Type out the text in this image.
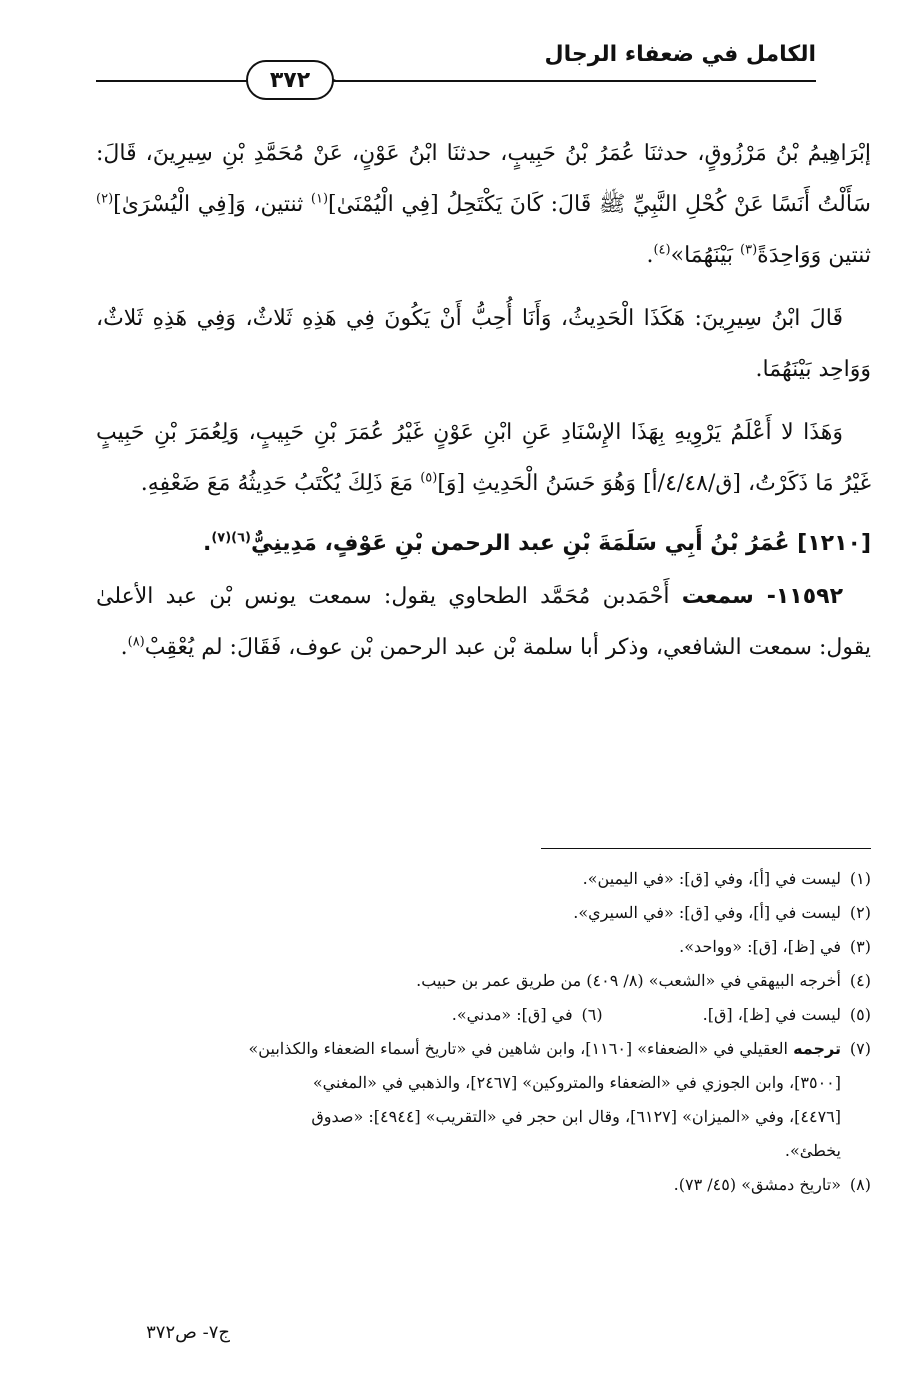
الكامل في ضعفاء الرجال
٣٧٢

إبْرَاهِيمُ بْنُ مَرْزُوقٍ، حدثنَا عُمَرُ بْنُ حَبِيبٍ، حدثنَا ابْنُ عَوْنٍ، عَنْ مُحَمَّدِ بْنِ سِيرِينَ، قَالَ: سَأَلْتُ أَنَسًا عَنْ كُحْلِ النَّبِيِّ ﷺ قَالَ: كَانَ يَكْتَحِلُ [فِي الْيُمْنَىٰ]$^{(١)}$ ثنتين، وَ[فِي الْيُسْرَىٰ]$^{(٢)}$ ثنتين وَوَاحِدَةً$^{(٣)}$ بَيْنَهُمَا»$^{(٤)}$.

قَالَ ابْنُ سِيرِينَ: هَكَذَا الْحَدِيثُ، وَأَنَا أُحِبُّ أَنْ يَكُونَ فِي هَذِهِ ثَلاثٌ، وَفِي هَذِهِ ثَلاثٌ، وَوَاحِد بَيْنَهُمَا.

وَهَذَا لا أَعْلَمُ يَرْوِيهِ بِهَذَا الإِسْنَادِ عَنِ ابْنِ عَوْنٍ غَيْرُ عُمَرَ بْنِ حَبِيبٍ، وَلِعُمَرَ بْنِ حَبِيبٍ غَيْرُ مَا ذَكَرْتُ، [ق/٤/٤٨/أ] وَهُوَ حَسَنُ الْحَدِيثِ [وَ]$^{(٥)}$ مَعَ ذَلِكَ يُكْتَبُ حَدِيثُهُ مَعَ ضَعْفِهِ.

[١٢١٠] عُمَرُ بْنُ أَبِي سَلَمَةَ بْنِ عبد الرحمن بْنِ عَوْفٍ، مَدِينِيٌّ$^{(٦)(٧)}$.

١١٥٩٢- سمعت أَحْمَدبن مُحَمَّد الطحاوي يقول: سمعت يونس بْن عبد الأعلىٰ يقول: سمعت الشافعي، وذكر أبا سلمة بْن عبد الرحمن بْن عوف، فَقَالَ: لم يُعْقِبْ$^{(٨)}$.

(١)ليست في [أ]، وفي [ق]: «في اليمين».

(٢)ليست في [أ]، وفي [ق]: «في السيري».

(٣)في [ظ]، [ق]: «وواحد».

(٤)أخرجه البيهقي في «الشعب» (٨/ ٤٠٩) من طريق عمر بن حبيب.

(٥)ليست في [ظ]، [ق].
(٦)في [ق]: «مدني».

(٧)ترجمه العقيلي في «الضعفاء» [١١٦٠]، وابن شاهين في «تاريخ أسماء الضعفاء والكذابين»

[٣٥٠٠]، وابن الجوزي في «الضعفاء والمتروكين» [٢٤٦٧]، والذهبي في «المغني»

[٤٤٧٦]، وفي «الميزان» [٦١٢٧]، وقال ابن حجر في «التقريب» [٤٩٤٤]: «صدوق

يخطئ».

(٨)«تاريخ دمشق» (٤٥/ ٧٣).

ج٧- ص٣٧٢
